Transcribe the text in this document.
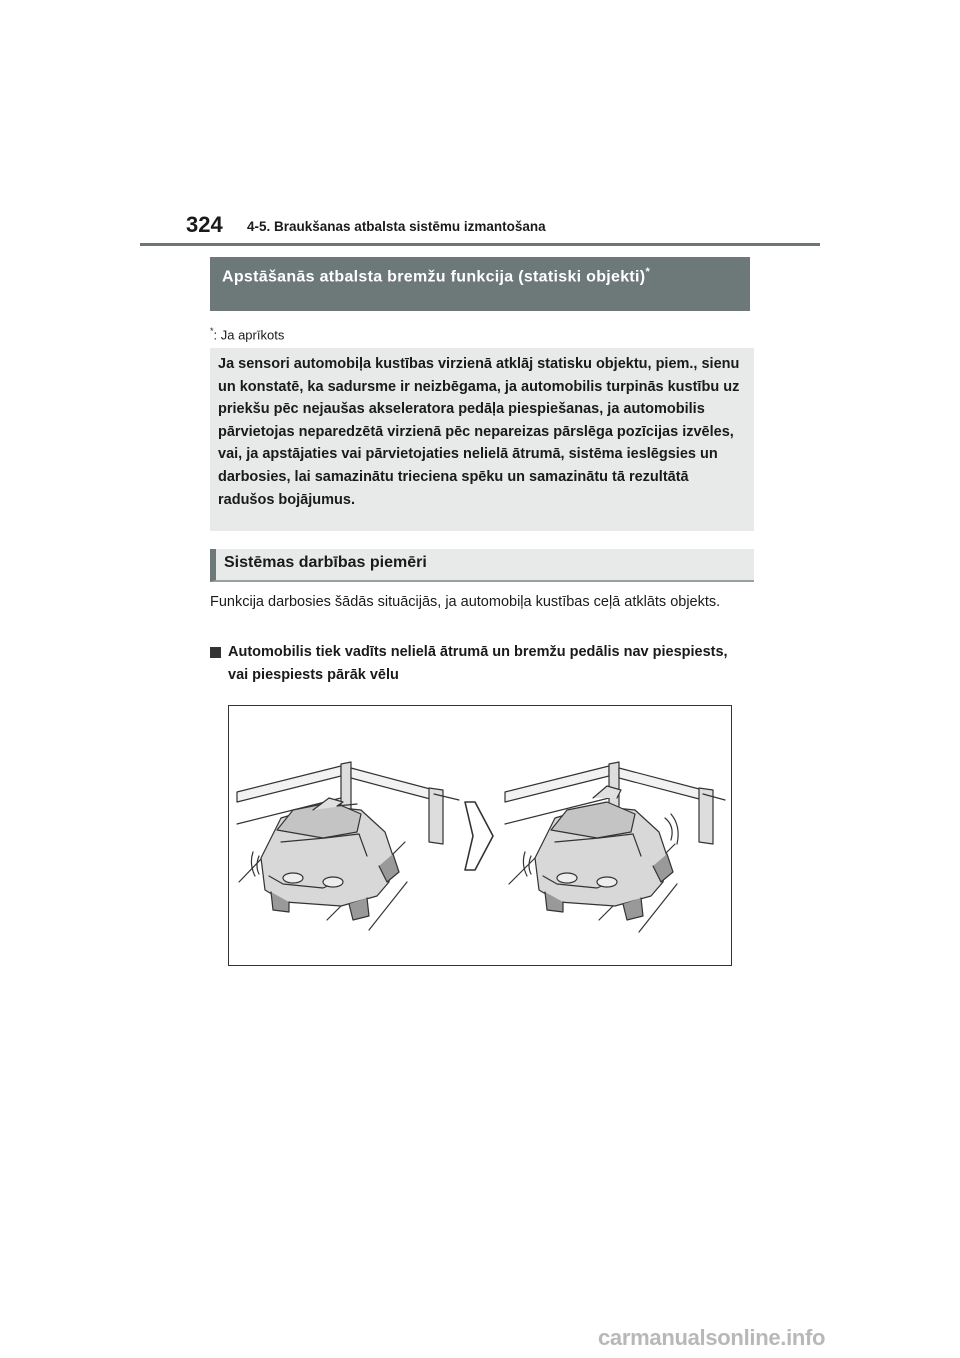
324 4-5. Braukšanas atbalsta sistēmu izmantošana
Apstāšanās atbalsta bremžu funkcija (statiski objekti)*
*: Ja aprīkots
Ja sensori automobiļa kustības virzienā atklāj statisku objektu, piem., sienu un konstatē, ka sadursme ir neizbēgama, ja automobilis turpinās kustību uz priekšu pēc nejaušas akseleratora pedāļa piespiešanas, ja automobilis pārvietojas neparedzētā virzienā pēc nepareizas pārslēga pozīcijas izvēles, vai, ja apstājaties vai pārvietojaties nelielā ātrumā, sistēma ieslēgsies un darbosies, lai samazinātu trieciena spēku un samazinātu tā rezultātā radušos bojājumus.
Sistēmas darbības piemēri
Funkcija darbosies šādās situācijās, ja automobiļa kustības ceļā atklāts objekts.
Automobilis tiek vadīts nelielā ātrumā un bremžu pedālis nav piespiests, vai piespiests pārāk vēlu
carmanualsonline.info
